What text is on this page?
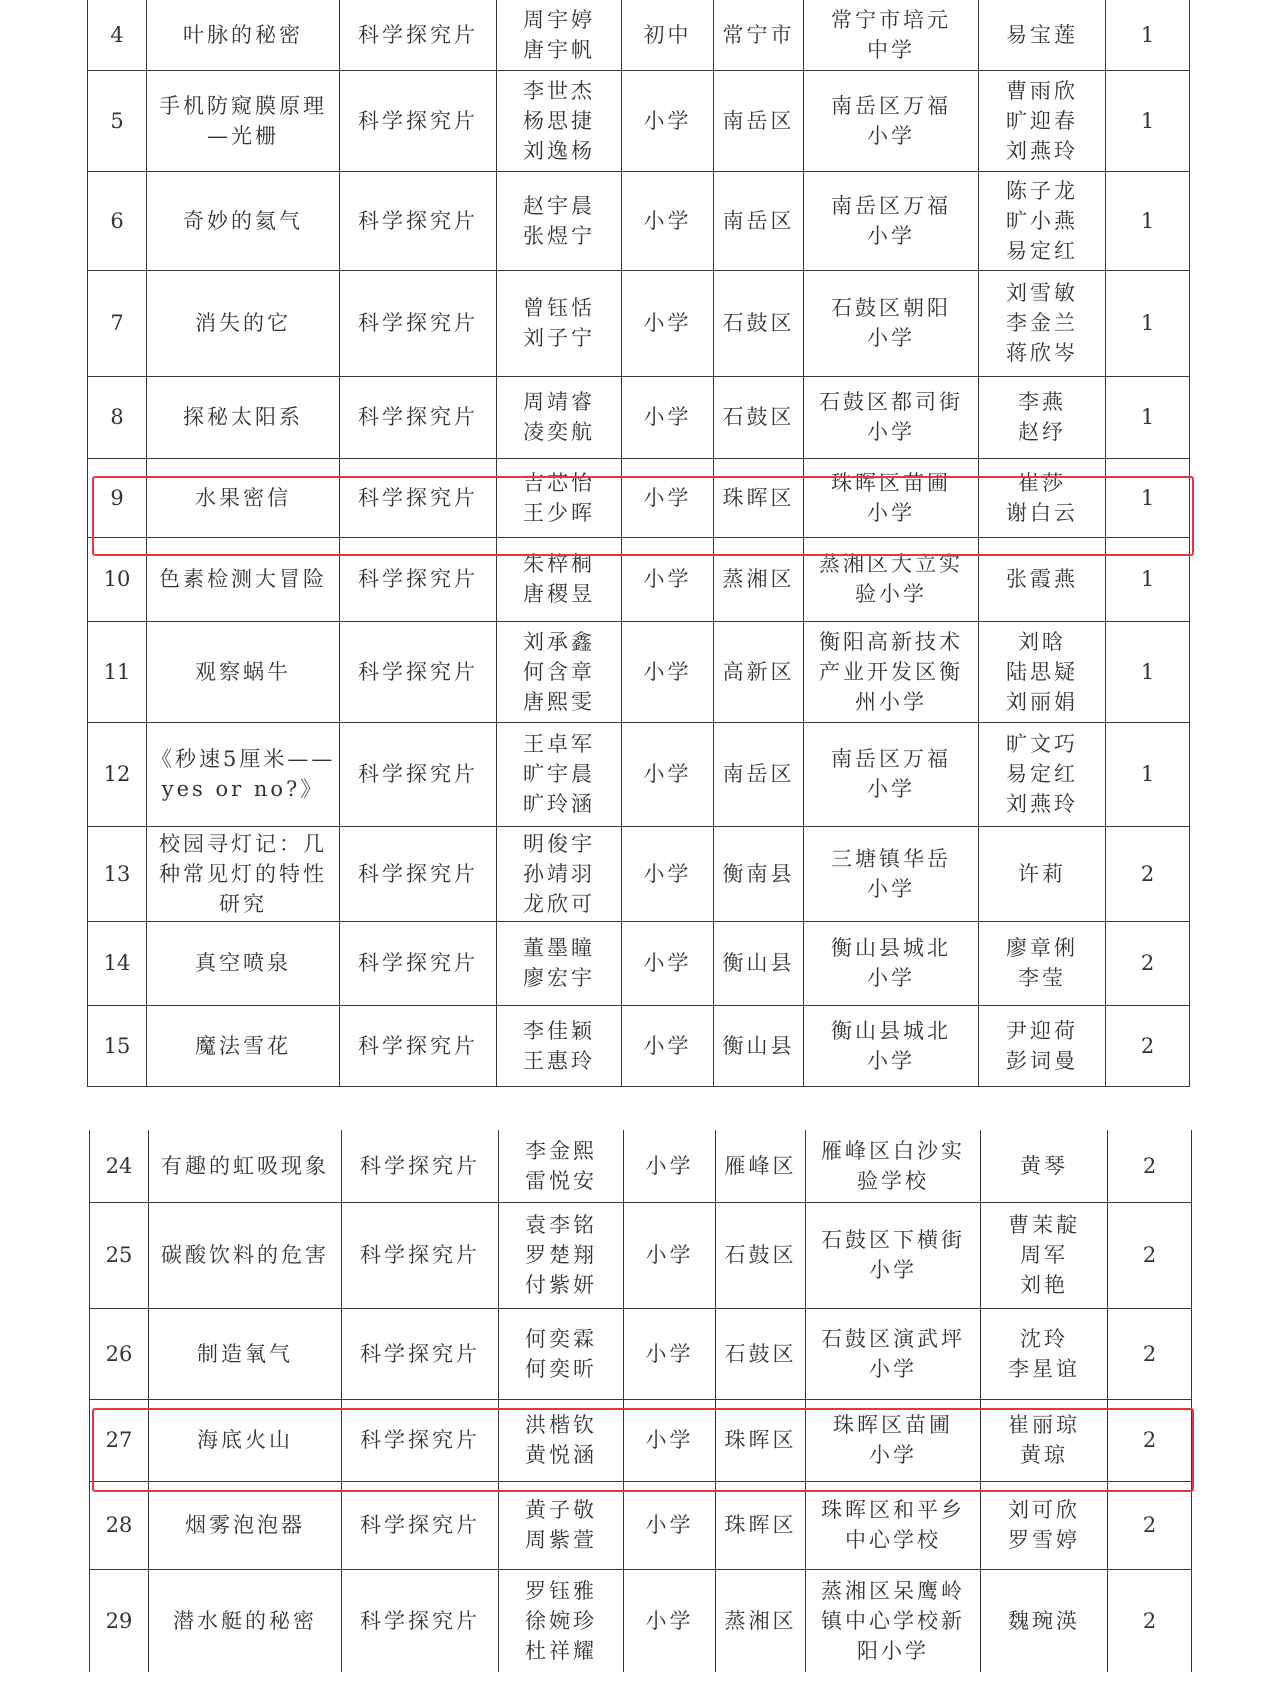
4	叶脉的秘密	科学探究片	周宇婷
唐宇帆	初中	常宁市	常宁市培元
中学	易宝莲	1
5	手机防窥膜原理
—光栅	科学探究片	李世杰
杨思捷
刘逸杨	小学	南岳区	南岳区万福
小学	曹雨欣
旷迎春
刘燕玲	1
6	奇妙的氦气	科学探究片	赵宇晨
张煜宁	小学	南岳区	南岳区万福
小学	陈子龙
旷小燕
易定红	1
7	消失的它	科学探究片	曾钰恬
刘子宁	小学	石鼓区	石鼓区朝阳
小学	刘雪敏
李金兰
蒋欣岑	1
8	探秘太阳系	科学探究片	周靖睿
凌奕航	小学	石鼓区	石鼓区都司街
小学	李燕
赵纾	1
9	水果密信	科学探究片	吉芯怡
王少晖	小学	珠晖区	珠晖区苗圃
小学	崔莎
谢白云	1
10	色素检测大冒险	科学探究片	朱梓桐
唐稷昱	小学	蒸湘区	蒸湘区大立实
验小学	张霞燕	1
11	观察蜗牛	科学探究片	刘承鑫
何含章
唐熙雯	小学	高新区	衡阳高新技术
产业开发区衡
州小学	刘晗
陆思疑
刘丽娟	1
12	《秒速5厘米——
yes or no?》	科学探究片	王卓军
旷宇晨
旷玲涵	小学	南岳区	南岳区万福
小学	旷文巧
易定红
刘燕玲	1
13	校园寻灯记：几
种常见灯的特性
研究	科学探究片	明俊宇
孙靖羽
龙欣可	小学	衡南县	三塘镇华岳
小学	许莉	2
14	真空喷泉	科学探究片	董墨瞳
廖宏宇	小学	衡山县	衡山县城北
小学	廖章俐
李莹	2
15	魔法雪花	科学探究片	李佳颖
王惠玲	小学	衡山县	衡山县城北
小学	尹迎荷
彭词曼	2
24	有趣的虹吸现象	科学探究片	李金熙
雷悦安	小学	雁峰区	雁峰区白沙实
验学校	黄琴	2
25	碳酸饮料的危害	科学探究片	袁李铭
罗楚翔
付紫妍	小学	石鼓区	石鼓区下横街
小学	曹茉靛
周军
刘艳	2
26	制造氧气	科学探究片	何奕霖
何奕昕	小学	石鼓区	石鼓区演武坪
小学	沈玲
李星谊	2
27	海底火山	科学探究片	洪楷钦
黄悦涵	小学	珠晖区	珠晖区苗圃
小学	崔丽琼
黄琼	2
28	烟雾泡泡器	科学探究片	黄子敬
周紫萱	小学	珠晖区	珠晖区和平乡
中心学校	刘可欣
罗雪婷	2
29	潜水艇的秘密	科学探究片	罗钰雅
徐婉珍
杜祥耀	小学	蒸湘区	蒸湘区呆鹰岭
镇中心学校新
阳小学	魏琬渶	2
